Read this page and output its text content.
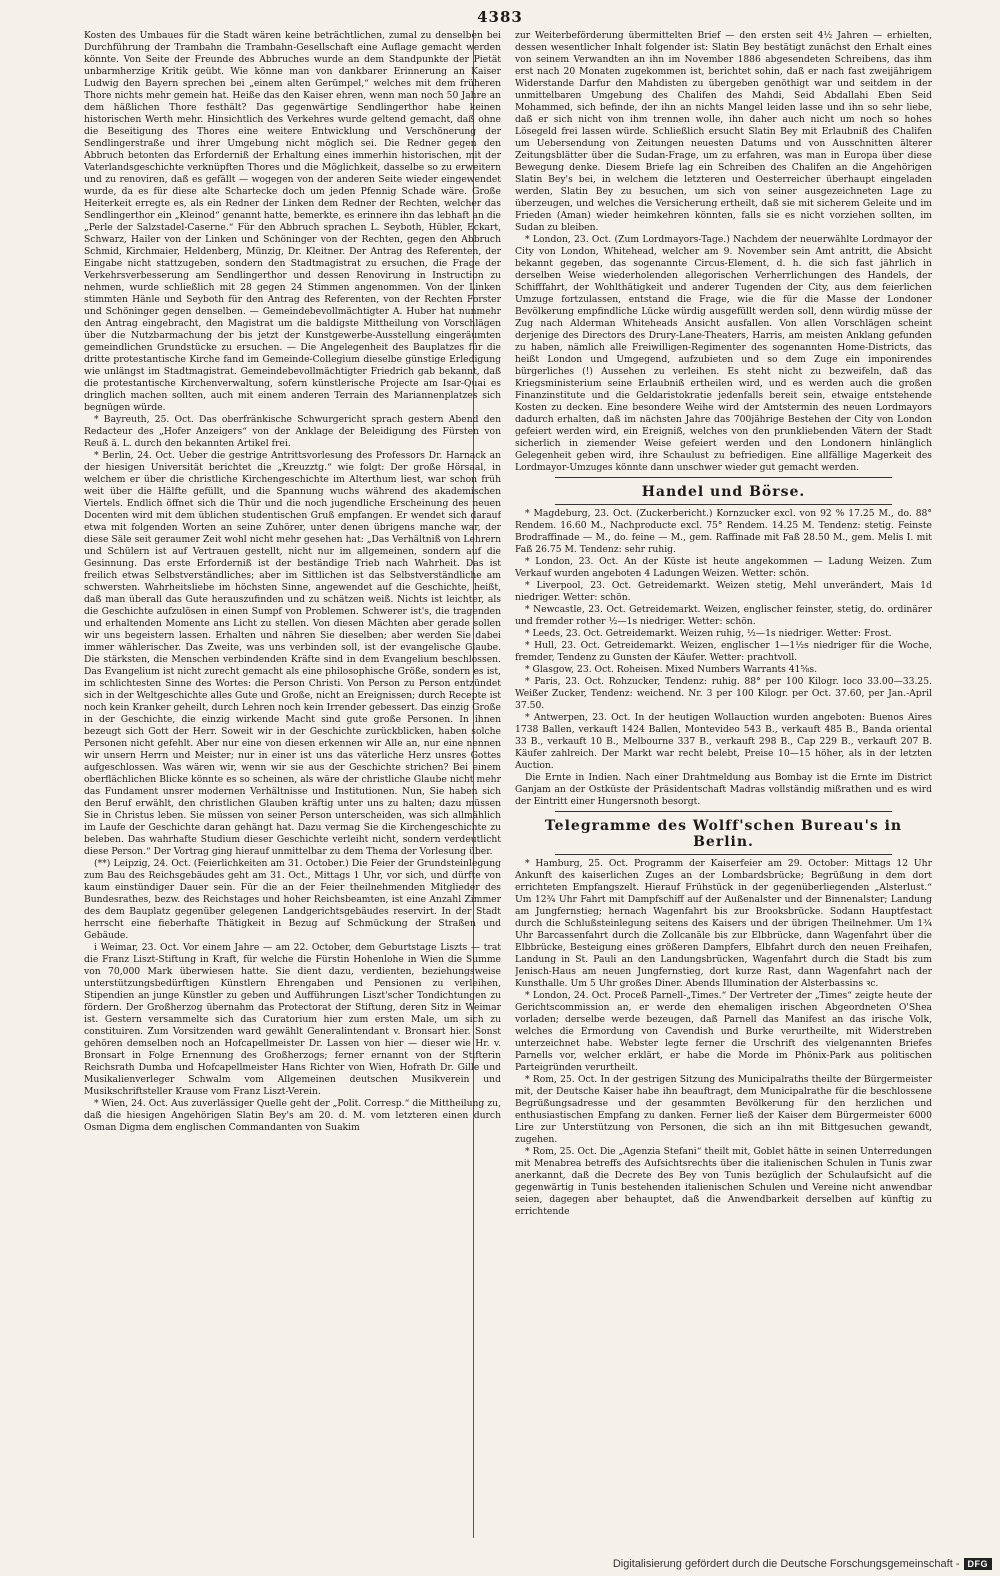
4383

Kosten des Umbaues für die Stadt wären keine beträchtlichen, zumal zu denselben bei Durchführung der Trambahn die Trambahn-Gesellschaft eine Auflage gemacht werden könnte. Von Seite der Freunde des Abbruches wurde an dem Standpunkte der Pietät unbarmherzige Kritik geübt. Wie könne man von dankbarer Erinnerung an Kaiser Ludwig den Bayern sprechen bei „einem alten Gerümpel,“ welches mit dem früheren Thore nichts mehr gemein hat. Heiße das den Kaiser ehren, wenn man noch 50 Jahre an dem häßlichen Thore festhält? Das gegenwärtige Sendlingerthor habe keinen historischen Werth mehr. Hinsichtlich des Verkehres wurde geltend gemacht, daß ohne die Beseitigung des Thores eine weitere Entwicklung und Verschönerung der Sendlingerstraße und ihrer Umgebung nicht möglich sei. Die Redner gegen den Abbruch betonten das Erforderniß der Erhaltung eines immerhin historischen, mit der Vaterlandsgeschichte verknüpften Thores und die Möglichkeit, dasselbe so zu erweitern und zu renoviren, daß es gefällt — wogegen von der anderen Seite wieder eingewendet wurde, da es für diese alte Schartecke doch um jeden Pfennig Schade wäre. Große Heiterkeit erregte es, als ein Redner der Linken dem Redner der Rechten, welcher das Sendlingerthor ein „Kleinod“ genannt hatte, bemerkte, es erinnere ihn das lebhaft an die „Perle der Salzstadel-Caserne.“ Für den Abbruch sprachen L. Seyboth, Hübler, Eckart, Schwarz, Hailer von der Linken und Schöninger von der Rechten, gegen den Abbruch Schmid, Kirchmaier, Heldenberg, Münzig, Dr. Kleitner. Der Antrag des Referenten, der Eingabe nicht stattzugeben, sondern den Stadtmagistrat zu ersuchen, die Frage der Verkehrsverbesserung am Sendlingerthor und dessen Renovirung in Instruction zu nehmen, wurde schließlich mit 28 gegen 24 Stimmen angenommen. Von der Linken stimmten Hänle und Seyboth für den Antrag des Referenten, von der Rechten Forster und Schöninger gegen denselben. — Gemeindebevollmächtigter A. Huber hat nunmehr den Antrag eingebracht, den Magistrat um die baldigste Mittheilung von Vorschlägen über die Nutzbarmachung der bis jetzt der Kunstgewerbe-Ausstellung eingeräumten gemeindlichen Grundstücke zu ersuchen. — Die Angelegenheit des Bauplatzes für die dritte protestantische Kirche fand im Gemeinde-Collegium dieselbe günstige Erledigung wie unlängst im Stadtmagistrat. Gemeindebevollmächtigter Friedrich gab bekannt, daß die protestantische Kirchenverwaltung, sofern künstlerische Projecte am Isar-Quai es dringlich machen sollten, auch mit einem anderen Terrain des Mariannenplatzes sich begnügen würde.

* Bayreuth, 25. Oct. Das oberfränkische Schwurgericht sprach gestern Abend den Redacteur des „Hofer Anzeigers“ von der Anklage der Beleidigung des Fürsten von Reuß ä. L. durch den bekannten Artikel frei.

* Berlin, 24. Oct. Ueber die gestrige Antrittsvorlesung des Professors Dr. Harnack an der hiesigen Universität berichtet die „Kreuzztg.“ wie folgt: Der große Hörsaal, in welchem er über die christliche Kirchengeschichte im Alterthum liest, war schon früh weit über die Hälfte gefüllt, und die Spannung wuchs während des akademischen Viertels. Endlich öffnet sich die Thür und die noch jugendliche Erscheinung des neuen Docenten wird mit dem üblichen studentischen Gruß empfangen. Er wendet sich darauf etwa mit folgenden Worten an seine Zuhörer, unter denen übrigens manche war, der diese Säle seit geraumer Zeit wohl nicht mehr gesehen hat: „Das Verhältniß von Lehrern und Schülern ist auf Vertrauen gestellt, nicht nur im allgemeinen, sondern auf die Gesinnung. Das erste Erforderniß ist der beständige Trieb nach Wahrheit. Das ist freilich etwas Selbstverständliches; aber im Sittlichen ist das Selbstverständliche am schwersten. Wahrheitsliebe im höchsten Sinne, angewendet auf die Geschichte, heißt, daß man überall das Gute herauszufinden und zu schätzen weiß. Nichts ist leichter, als die Geschichte aufzulösen in einen Sumpf von Problemen. Schwerer ist's, die tragenden und erhaltenden Momente ans Licht zu stellen. Von diesen Mächten aber gerade sollen wir uns begeistern lassen. Erhalten und nähren Sie dieselben; aber werden Sie dabei immer wählerischer. Das Zweite, was uns verbinden soll, ist der evangelische Glaube. Die stärksten, die Menschen verbindenden Kräfte sind in dem Evangelium beschlossen. Das Evangelium ist nicht zurecht gemacht als eine philosophische Größe, sondern es ist, im schlichtesten Sinne des Wortes: die Person Christi. Von Person zu Person entzündet sich in der Weltgeschichte alles Gute und Große, nicht an Ereignissen; durch Recepte ist noch kein Kranker geheilt, durch Lehren noch kein Irrender gebessert. Das einzig Große in der Geschichte, die einzig wirkende Macht sind gute große Personen. In ihnen bezeugt sich Gott der Herr. Soweit wir in der Geschichte zurückblicken, haben solche Personen nicht gefehlt. Aber nur eine von diesen erkennen wir Alle an, nur eine nennen wir unsern Herrn und Meister; nur in einer ist uns das väterliche Herz unsres Gottes aufgeschlossen. Was wären wir, wenn wir sie aus der Geschichte strichen? Bei einem oberflächlichen Blicke könnte es so scheinen, als wäre der christliche Glaube nicht mehr das Fundament unsrer modernen Verhältnisse und Institutionen. Nun, Sie haben sich den Beruf erwählt, den christlichen Glauben kräftig unter uns zu halten; dazu müssen Sie in Christus leben. Sie müssen von seiner Person unterscheiden, was sich allmählich im Laufe der Geschichte daran gehängt hat. Dazu vermag Sie die Kirchengeschichte zu beleben. Das wahrhafte Studium dieser Geschichte verleiht nicht, sondern verdeutlicht diese Person.“ Der Vortrag ging hierauf unmittelbar zu dem Thema der Vorlesung über.

(**) Leipzig, 24. Oct. (Feierlichkeiten am 31. October.) Die Feier der Grundsteinlegung zum Bau des Reichsgebäudes geht am 31. Oct., Mittags 1 Uhr, vor sich, und dürfte von kaum einstündiger Dauer sein. Für die an der Feier theilnehmenden Mitglieder des Bundesrathes, bezw. des Reichstages und hoher Reichsbeamten, ist eine Anzahl Zimmer des dem Bauplatz gegenüber gelegenen Landgerichtsgebäudes reservirt. In der Stadt herrscht eine fieberhafte Thätigkeit in Bezug auf Schmückung der Straßen und Gebäude.

i Weimar, 23. Oct. Vor einem Jahre — am 22. October, dem Geburtstage Liszts — trat die Franz Liszt-Stiftung in Kraft, für welche die Fürstin Hohenlohe in Wien die Summe von 70,000 Mark überwiesen hatte. Sie dient dazu, verdienten, beziehungsweise unterstützungsbedürftigen Künstlern Ehrengaben und Pensionen zu verleihen, Stipendien an junge Künstler zu geben und Aufführungen Liszt'scher Tondichtungen zu fördern. Der Großherzog übernahm das Protectorat der Stiftung, deren Sitz in Weimar ist. Gestern versammelte sich das Curatorium hier zum ersten Male, um sich zu constituiren. Zum Vorsitzenden ward gewählt Generalintendant v. Bronsart hier. Sonst gehören demselben noch an Hofcapellmeister Dr. Lassen von hier — dieser wie Hr. v. Bronsart in Folge Ernennung des Großherzogs; ferner ernannt von der Stifterin Reichsrath Dumba und Hofcapellmeister Hans Richter von Wien, Hofrath Dr. Gille und Musikalienverleger Schwalm vom Allgemeinen deutschen Musikverein und Musikschriftsteller Krause vom Franz Liszt-Verein.

* Wien, 24. Oct. Aus zuverlässiger Quelle geht der „Polit. Corresp.“ die Mittheilung zu, daß die hiesigen Angehörigen Slatin Bey's am 20. d. M. vom letzteren einen durch Osman Digma dem englischen Commandanten von Suakim

zur Weiterbeförderung übermittelten Brief — den ersten seit 4½ Jahren — erhielten, dessen wesentlicher Inhalt folgender ist: Slatin Bey bestätigt zunächst den Erhalt eines von seinem Verwandten an ihn im November 1886 abgesendeten Schreibens, das ihm erst nach 20 Monaten zugekommen ist, berichtet sohin, daß er nach fast zweijährigem Widerstande Darfur den Mahdisten zu übergeben genöthigt war und seitdem in der unmittelbaren Umgebung des Chalifen des Mahdi, Seid Abdallahi Eben Seid Mohammed, sich befinde, der ihn an nichts Mangel leiden lasse und ihn so sehr liebe, daß er sich nicht von ihm trennen wolle, ihn daher auch nicht um noch so hohes Lösegeld frei lassen würde. Schließlich ersucht Slatin Bey mit Erlaubniß des Chalifen um Uebersendung von Zeitungen neuesten Datums und von Ausschnitten älterer Zeitungsblätter über die Sudan-Frage, um zu erfahren, was man in Europa über diese Bewegung denke. Diesem Briefe lag ein Schreiben des Chalifen an die Angehörigen Slatin Bey's bei, in welchem die letzteren und Oesterreicher überhaupt eingeladen werden, Slatin Bey zu besuchen, um sich von seiner ausgezeichneten Lage zu überzeugen, und welches die Versicherung ertheilt, daß sie mit sicherem Geleite und im Frieden (Aman) wieder heimkehren könnten, falls sie es nicht vorziehen sollten, im Sudan zu bleiben.

* London, 23. Oct. (Zum Lordmayors-Tage.) Nachdem der neuerwählte Lordmayor der City von London, Whitehead, welcher am 9. November sein Amt antritt, die Absicht bekannt gegeben, das sogenannte Circus-Element, d. h. die sich fast jährlich in derselben Weise wiederholenden allegorischen Verherrlichungen des Handels, der Schifffahrt, der Wohlthätigkeit und anderer Tugenden der City, aus dem feierlichen Umzuge fortzulassen, entstand die Frage, wie die für die Masse der Londoner Bevölkerung empfindliche Lücke würdig ausgefüllt werden soll, denn würdig müsse der Zug nach Alderman Whiteheads Ansicht ausfallen. Von allen Vorschlägen scheint derjenige des Directors des Drury-Lane-Theaters, Harris, am meisten Anklang gefunden zu haben, nämlich alle Freiwilligen-Regimenter des sogenannten Home-Districts, das heißt London und Umgegend, aufzubieten und so dem Zuge ein imponirendes bürgerliches (!) Aussehen zu verleihen. Es steht nicht zu bezweifeln, daß das Kriegsministerium seine Erlaubniß ertheilen wird, und es werden auch die großen Finanzinstitute und die Geldaristokratie jedenfalls bereit sein, etwaige entstehende Kosten zu decken. Eine besondere Weihe wird der Amtstermin des neuen Lordmayors dadurch erhalten, daß im nächsten Jahre das 700jährige Bestehen der City von London gefeiert werden wird, ein Ereigniß, welches von den prunkliebenden Vätern der Stadt sicherlich in ziemender Weise gefeiert werden und den Londonern hinlänglich Gelegenheit geben wird, ihre Schaulust zu befriedigen. Eine allfällige Magerkeit des Lordmayor-Umzuges könnte dann unschwer wieder gut gemacht werden.

Handel und Börse.

* Magdeburg, 23. Oct. (Zuckerbericht.) Kornzucker excl. von 92 % 17.25 M., do. 88° Rendem. 16.60 M., Nachproducte excl. 75° Rendem. 14.25 M. Tendenz: stetig. Feinste Brodraffinade — M., do. feine — M., gem. Raffinade mit Faß 28.50 M., gem. Melis I. mit Faß 26.75 M. Tendenz: sehr ruhig.

* London, 23. Oct. An der Küste ist heute angekommen — Ladung Weizen. Zum Verkauf wurden angeboten 4 Ladungen Weizen. Wetter: schön.

* Liverpool, 23. Oct. Getreidemarkt. Weizen stetig, Mehl unverändert, Mais 1d niedriger. Wetter: schön.

* Newcastle, 23. Oct. Getreidemarkt. Weizen, englischer feinster, stetig, do. ordinärer und fremder rother ½—1s niedriger. Wetter: schön.

* Leeds, 23. Oct. Getreidemarkt. Weizen ruhig, ½—1s niedriger. Wetter: Frost.

* Hull, 23. Oct. Getreidemarkt. Weizen, englischer 1—1½s niedriger für die Woche, fremder, Tendenz zu Gunsten der Käufer. Wetter: prachtvoll.

* Glasgow, 23. Oct. Roheisen. Mixed Numbers Warrants 41⅝s.

* Paris, 23. Oct. Rohzucker, Tendenz: ruhig. 88° per 100 Kilogr. loco 33.00—33.25. Weißer Zucker, Tendenz: weichend. Nr. 3 per 100 Kilogr. per Oct. 37.60, per Jan.-April 37.50.

* Antwerpen, 23. Oct. In der heutigen Wollauction wurden angeboten: Buenos Aires 1738 Ballen, verkauft 1424 Ballen, Montevideo 543 B., verkauft 485 B., Banda oriental 33 B., verkauft 10 B., Melbourne 337 B., verkauft 298 B., Cap 229 B., verkauft 207 B. Käufer zahlreich. Der Markt war recht belebt, Preise 10—15 höher, als in der letzten Auction.

Die Ernte in Indien. Nach einer Drahtmeldung aus Bombay ist die Ernte im District Ganjam an der Ostküste der Präsidentschaft Madras vollständig mißrathen und es wird der Eintritt einer Hungersnoth besorgt.

Telegramme des Wolff'schen Bureau's in Berlin.

* Hamburg, 25. Oct. Programm der Kaiserfeier am 29. October: Mittags 12 Uhr Ankunft des kaiserlichen Zuges an der Lombardsbrücke; Begrüßung in dem dort errichteten Empfangszelt. Hierauf Frühstück in der gegenüberliegenden „Alsterlust.“ Um 12¾ Uhr Fahrt mit Dampfschiff auf der Außenalster und der Binnenalster; Landung am Jungfernstieg; hernach Wagenfahrt bis zur Brooksbrücke. Sodann Hauptfestact durch die Schlußsteinlegung seitens des Kaisers und der übrigen Theilnehmer. Um 1¾ Uhr Barcassenfahrt durch die Zollcanäle bis zur Elbbrücke, dann Wagenfahrt über die Elbbrücke, Besteigung eines größeren Dampfers, Elbfahrt durch den neuen Freihafen, Landung in St. Pauli an den Landungsbrücken, Wagenfahrt durch die Stadt bis zum Jenisch-Haus am neuen Jungfernstieg, dort kurze Rast, dann Wagenfahrt nach der Kunsthalle. Um 5 Uhr großes Diner. Abends Illumination der Alsterbassins ꝛc.

* London, 24. Oct. Proceß Parnell-„Times.“ Der Vertreter der „Times“ zeigte heute der Gerichtscommission an, er werde den ehemaligen irischen Abgeordneten O'Shea vorladen; derselbe werde bezeugen, daß Parnell das Manifest an das irische Volk, welches die Ermordung von Cavendish und Burke verurtheilte, mit Widerstreben unterzeichnet habe. Webster legte ferner die Urschrift des vielgenannten Briefes Parnells vor, welcher erklärt, er habe die Morde im Phönix-Park aus politischen Parteigründen verurtheilt.

* Rom, 25. Oct. In der gestrigen Sitzung des Municipalraths theilte der Bürgermeister mit, der Deutsche Kaiser habe ihn beauftragt, dem Municipalrathe für die beschlossene Begrüßungsadresse und der gesammten Bevölkerung für den herzlichen und enthusiastischen Empfang zu danken. Ferner ließ der Kaiser dem Bürgermeister 6000 Lire zur Unterstützung von Personen, die sich an ihn mit Bittgesuchen gewandt, zugehen.

* Rom, 25. Oct. Die „Agenzia Stefani“ theilt mit, Goblet hätte in seinen Unterredungen mit Menabrea betreffs des Aufsichtsrechts über die italienischen Schulen in Tunis zwar anerkannt, daß die Decrete des Bey von Tunis bezüglich der Schulaufsicht auf die gegenwärtig in Tunis bestehenden italienischen Schulen und Vereine nicht anwendbar seien, dagegen aber behauptet, daß die Anwendbarkeit derselben auf künftig zu errichtende

Digitalisierung gefördert durch die Deutsche Forschungsgemeinschaft - DFG
